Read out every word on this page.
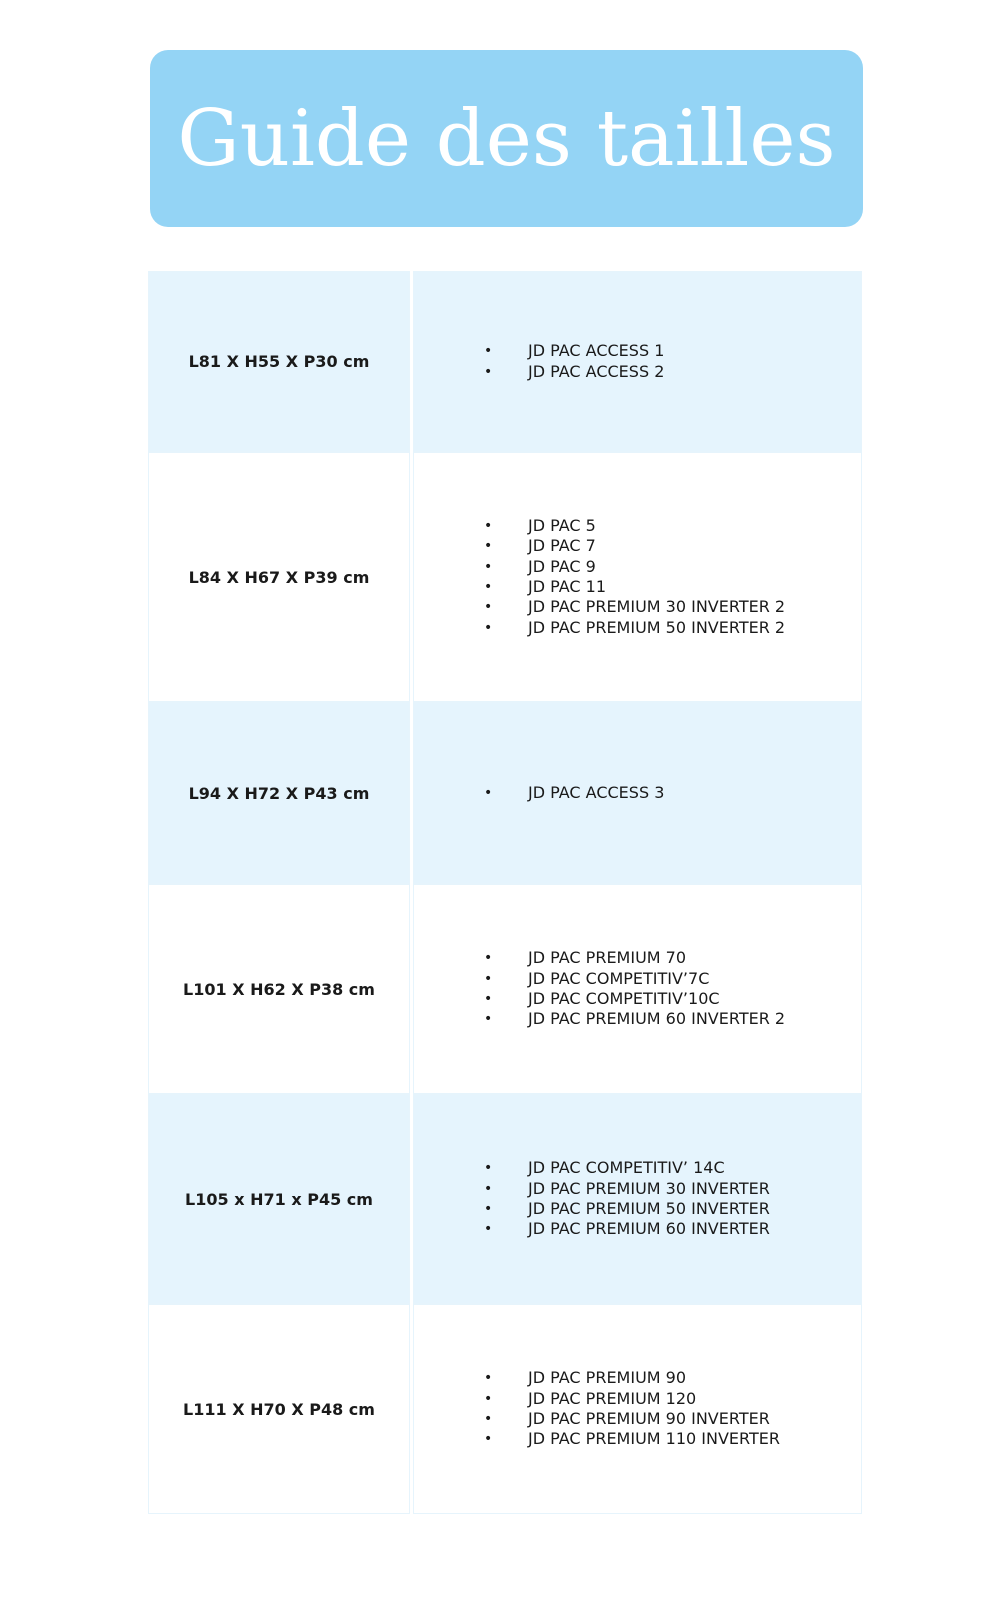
Guide des tailles
L81 X H55 X P30 cm
•	JD PAC ACCESS 1
•	JD PAC ACCESS 2
L84 X H67 X P39 cm
•	JD PAC 5
•	JD PAC 7
•	JD PAC 9
•	JD PAC 11
•	JD PAC PREMIUM 30 INVERTER 2
•	JD PAC PREMIUM 50 INVERTER 2
L94 X H72 X P43 cm	•	JD PAC ACCESS 3
L101 X H62 X P38 cm
•	JD PAC PREMIUM 70
•	JD PAC COMPETITIV’7C
•	JD PAC COMPETITIV’10C
•	JD PAC PREMIUM 60 INVERTER 2
L105 x H71 x P45 cm
•	JD PAC COMPETITIV’ 14C
•	JD PAC PREMIUM 30 INVERTER
•	JD PAC PREMIUM 50 INVERTER
•	JD PAC PREMIUM 60 INVERTER
L111 X H70 X P48 cm
•	JD PAC PREMIUM 90
•	JD PAC PREMIUM 120
•	JD PAC PREMIUM 90 INVERTER
•	JD PAC PREMIUM 110 INVERTER
